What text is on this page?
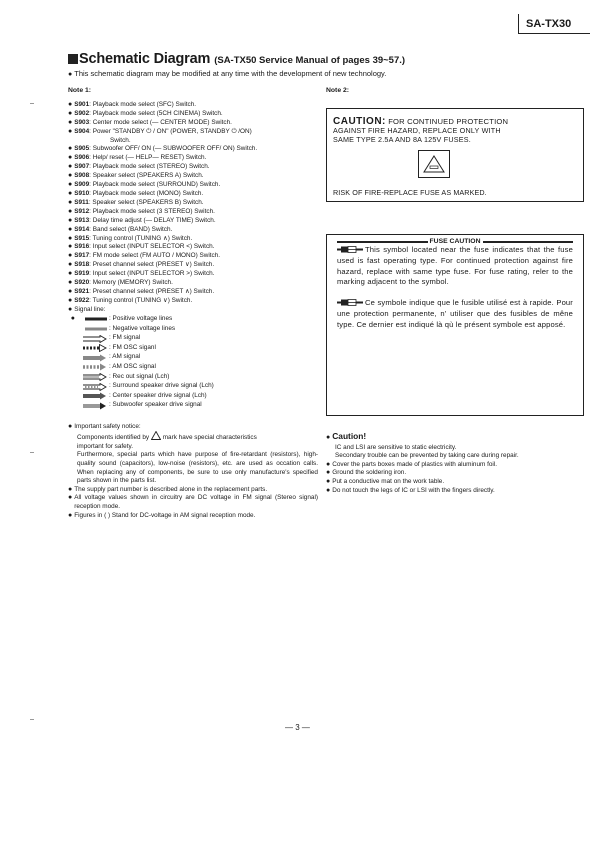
SA-TX30
Schematic Diagram (SA-TX50 Service Manual of pages 39~57.)
● This schematic diagram may be modified at any time with the development of new technology.
Note 1:
● S901: Playback mode select (SFC) Switch.
● S902: Playback mode select (5CH CINEMA) Switch.
● S903: Center mode select (— CENTER MODE) Switch.
● S904: Power "STANDBY ⏻ / ON" (POWER, STANDBY ⏻ /ON)
Switch.
● S905: Subwoofer OFF/ ON (— SUBWOOFER OFF/ ON) Switch.
● S906: Help/ reset (— HELP— RESET) Switch.
● S907: Playback mode select (STEREO) Switch.
● S908: Speaker select (SPEAKERS A) Switch.
● S909: Playback mode select (SURROUND) Switch.
● S910: Playback mode select (MONO) Switch.
● S911: Speaker select (SPEAKERS B) Switch.
● S912: Playback mode select (3 STEREO) Switch.
● S913: Delay time adjust (— DELAY TIME) Switch.
● S914: Band select (BAND) Switch.
● S915: Tuning control (TUNING ∧) Switch.
● S916: Input select (INPUT SELECTOR <) Switch.
● S917: FM mode select (FM AUTO / MONO) Switch.
● S918: Preset channel select (PRESET ∨) Switch.
● S919: Input select (INPUT SELECTOR >) Switch.
● S920: Memory (MEMORY) Switch.
● S921: Preset channel select (PRESET ∧) Switch.
● S922: Tuning control (TUNING ∨) Switch.
● Signal line:
●	: Positive voltage lines
: Negative voltage lines
: FM signal
: FM OSC siganl
: AM signal
: AM OSC signal
: Rec out signal (Lch)
: Surround speaker drive signal (Lch)
: Center speaker drive signal (Lch)
: Subwoofer speaker drive signal
● Important safety notice:
Components identified by mark have special characteristics
important for safety.
Furthermore, special parts which have purpose of fire-retardant (resistors), high-quality sound (capacitors), low-noise (resistors), etc. are used as occation calls. When replacing any of components, be sure to use only manufacture's specified parts shown in the parts list.
● The supply part number is described alone in the replacement parts.
● All voltage values shown in circuitry are DC voltage in FM signal (Stereo signal) reception mode.
● Figures in ( ) Stand for DC-voltage in AM signal reception mode.
Note 2:
CAUTION: FOR CONTINUED PROTECTION
AGAINST FIRE HAZARD, REPLACE ONLY WITH
SAME TYPE 2.5A AND 8A 125V FUSES.
RISK OF FIRE-REPLACE FUSE AS MARKED.
FUSE CAUTION
This symbol located near the fuse indicates that the fuse used is fast operating type. For continued protection against fire hazard, replace with same type fuse. For fuse rating, reler to the marking adjacent to the symbol.
Ce symbole indique que le fusible utilisé est à rapide. Pour une protection permanente, n' utiliser que des fusibles de mêne type. Ce dernier est indiqué là qù le présent symbole est apposé.
● Caution!
IC and LSI are sensitive to static electricity.
Secondary trouble can be prevented by taking care during repair.
● Cover the parts boxes made of plastics with aluminum foil.
● Ground the soldering iron.
● Put a conductive mat on the work table.
● Do not touch the legs of IC or LSI with the fingers directly.
— 3 —
